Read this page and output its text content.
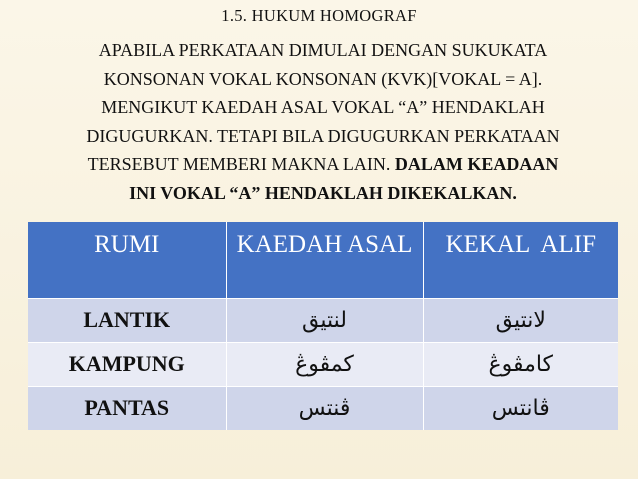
1.5. HUKUM HOMOGRAF
APABILA PERKATAAN DIMULAI DENGAN SUKUKATA
KONSONAN VOKAL KONSONAN (KVK)[VOKAL = A].
MENGIKUT KAEDAH ASAL VOKAL “A” HENDAKLAH
DIGUGURKAN. TETAPI BILA DIGUGURKAN PERKATAAN
TERSEBUT MEMBERI MAKNA LAIN. DALAM KEADAAN
INI VOKAL “A” HENDAKLAH DIKEKALKAN.
RUMI	KAEDAH ASAL	KEKAL  ALIF
LANTIK	لنتيق	لانتيق
KAMPUNG	کمڤوڠ	کامڤوڠ
PANTAS	ڤنتس	ڤانتس
